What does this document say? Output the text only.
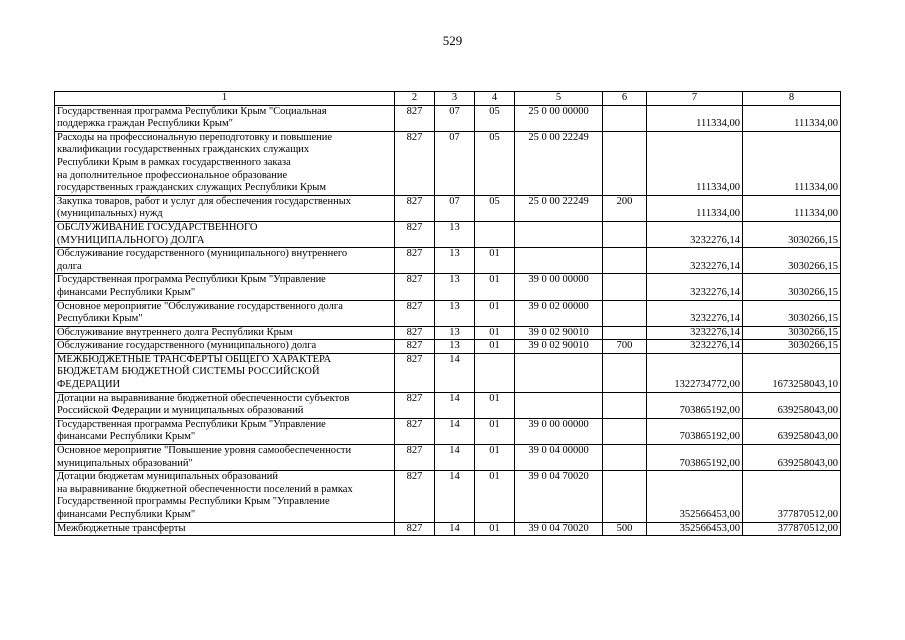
529
1	2	3	4	5	6	7	8
Государственная программа Республики Крым "Социальная
поддержка граждан Республики Крым"	827	07	05	25 0 00 00000		111334,00	111334,00
Расходы на профессиональную переподготовку и повышение
квалификации государственных гражданских служащих
Республики Крым в рамках государственного заказа
на дополнительное профессиональное образование
государственных гражданских служащих Республики Крым	827	07	05	25 0 00 22249		111334,00	111334,00
Закупка товаров, работ и услуг для обеспечения государственных
(муниципальных) нужд	827	07	05	25 0 00 22249	200	111334,00	111334,00
ОБСЛУЖИВАНИЕ ГОСУДАРСТВЕННОГО
(МУНИЦИПАЛЬНОГО) ДОЛГА	827	13				3232276,14	3030266,15
Обслуживание государственного (муниципального) внутреннего
долга	827	13	01			3232276,14	3030266,15
Государственная программа Республики Крым "Управление
финансами Республики Крым"	827	13	01	39 0 00 00000		3232276,14	3030266,15
Основное мероприятие "Обслуживание государственного долга
Республики Крым"	827	13	01	39 0 02 00000		3232276,14	3030266,15
Обслуживание внутреннего долга Республики Крым	827	13	01	39 0 02 90010		3232276,14	3030266,15
Обслуживание государственного (муниципального) долга	827	13	01	39 0 02 90010	700	3232276,14	3030266,15
МЕЖБЮДЖЕТНЫЕ ТРАНСФЕРТЫ ОБЩЕГО ХАРАКТЕРА
БЮДЖЕТАМ БЮДЖЕТНОЙ СИСТЕМЫ РОССИЙСКОЙ
ФЕДЕРАЦИИ	827	14				1322734772,00	1673258043,10
Дотации на выравнивание бюджетной обеспеченности субъектов
Российской Федерации и муниципальных образований	827	14	01			703865192,00	639258043,00
Государственная программа Республики Крым "Управление
финансами Республики Крым"	827	14	01	39 0 00 00000		703865192,00	639258043,00
Основное мероприятие "Повышение уровня самообеспеченности
муниципальных образований"	827	14	01	39 0 04 00000		703865192,00	639258043,00
Дотации бюджетам муниципальных образований
на выравнивание бюджетной обеспеченности поселений в рамках
Государственной программы Республики Крым "Управление
финансами Республики Крым"	827	14	01	39 0 04 70020		352566453,00	377870512,00
Межбюджетные трансферты	827	14	01	39 0 04 70020	500	352566453,00	377870512,00
